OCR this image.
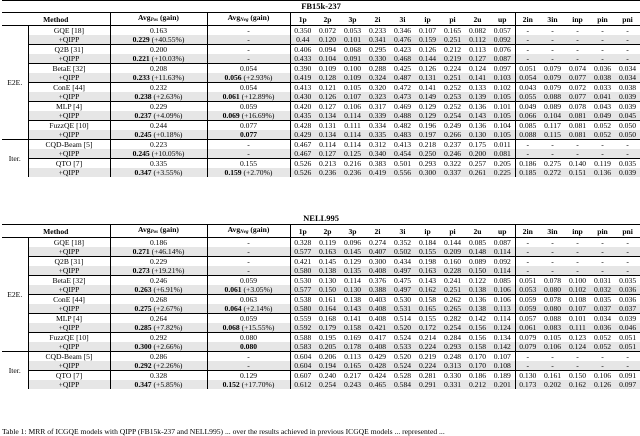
FB15k-237																	
Method		Avg$_{Pos}$ (gain)	Avg$_{Neg}$ (gain)	1p	2p	3p	2i	3i	ip	pi	2u	up	2in	3in	inp	pin	pni
E2E.	GQE [18]	0.163	-	0.350	0.072	0.053	0.233	0.346	0.107	0.165	0.082	0.057	-	-	-	-	-
	+QIPP	0.229 (+40.55%)	-	0.44	0.120	0.101	0.341	0.476	0.159	0.251	0.112	0.092	-	-	-	-	-
	Q2B [31]	0.200	-	0.406	0.094	0.068	0.295	0.423	0.126	0.212	0.113	0.076	-	-	-	-	-
	+QIPP	0.221 (+10.03%)	-	0.433	0.104	0.091	0.330	0.468	0.144	0.219	0.127	0.087	-	-	-	-	-
	BetaE [32]	0.208	0.054	0.390	0.109	0.100	0.288	0.425	0.126	0.224	0.124	0.097	0.051	0.079	0.074	0.036	0.034
	+QIPP	0.233 (+11.63%)	0.056 (+2.93%)	0.419	0.128	0.109	0.324	0.487	0.131	0.251	0.141	0.103	0.054	0.079	0.077	0.038	0.034
	ConE [44]	0.232	0.054	0.413	0.121	0.105	0.320	0.472	0.141	0.252	0.133	0.102	0.043	0.079	0.072	0.033	0.038
	+QIPP	0.238 (+2.63%)	0.061 (+12.89%)	0.430	0.126	0.107	0.323	0.473	0.149	0.253	0.139	0.105	0.055	0.088	0.077	0.041	0.039
	MLP [4]	0.229	0.059	0.420	0.127	0.106	0.317	0.469	0.129	0.252	0.136	0.101	0.049	0.089	0.078	0.043	0.039
	+QIPP	0.237 (+4.09%)	0.069 (+16.69%)	0.435	0.134	0.114	0.339	0.488	0.129	0.254	0.143	0.105	0.066	0.104	0.081	0.049	0.045
	FuzzQE [10]	0.244	0.077	0.428	0.131	0.111	0.334	0.482	0.196	0.249	0.136	0.104	0.085	0.117	0.081	0.052	0.050
	+QIPP	0.245 (+0.18%)	0.077	0.429	0.134	0.114	0.335	0.483	0.197	0.266	0.130	0.105	0.088	0.115	0.081	0.052	0.050
Iter.	CQD-Beam [5]	0.223	-	0.467	0.114	0.114	0.312	0.413	0.218	0.237	0.175	0.011	-	-	-	-	-
	+QIPP	0.245 (+10.05%)	-	0.467	0.127	0.125	0.340	0.454	0.250	0.246	0.200	0.081	-	-	-	-	-
	QTO [7]	0.335	0.155	0.526	0.213	0.216	0.383	0.501	0.293	0.322	0.257	0.205	0.186	0.275	0.140	0.119	0.035
	+QIPP	0.347 (+3.55%)	0.159 (+2.70%)	0.526	0.236	0.236	0.419	0.556	0.300	0.337	0.261	0.225	0.185	0.272	0.151	0.136	0.039
NELL995																	
Method		Avg$_{Pos}$ (gain)	Avg$_{Neg}$ (gain)	1p	2p	3p	2i	3i	ip	pi	2u	up	2in	3in	inp	pin	pni
E2E.	GQE [18]	0.186	-	0.328	0.119	0.096	0.274	0.352	0.184	0.144	0.085	0.087	-	-	-	-	-
	+QIPP	0.271 (+46.14%)	-	0.577	0.163	0.145	0.407	0.502	0.155	0.209	0.148	0.114	-	-	-	-	-
	Q2B [31]	0.229	-	0.421	0.145	0.129	0.300	0.434	0.198	0.160	0.089	0.092	-	-	-	-	-
	+QIPP	0.273 (+19.21%)	-	0.580	0.138	0.135	0.408	0.497	0.163	0.228	0.150	0.114	-	-	-	-	-
	BetaE [32]	0.246	0.059	0.530	0.130	0.114	0.376	0.475	0.143	0.241	0.122	0.085	0.051	0.078	0.100	0.031	0.035
	+QIPP	0.263 (+6.91%)	0.061 (+3.05%)	0.577	0.150	0.130	0.388	0.497	0.162	0.251	0.138	0.106	0.053	0.080	0.102	0.032	0.036
	ConE [44]	0.268	0.063	0.538	0.161	0.138	0.403	0.530	0.158	0.262	0.136	0.106	0.059	0.078	0.108	0.035	0.036
	+QIPP	0.275 (+2.67%)	0.064 (+2.14%)	0.580	0.164	0.143	0.408	0.531	0.165	0.265	0.138	0.113	0.059	0.080	0.107	0.037	0.037
	MLP [4]	0.264	0.059	0.559	0.168	0.141	0.408	0.514	0.155	0.282	0.142	0.114	0.057	0.088	0.101	0.034	0.039
	+QIPP	0.285 (+7.82%)	0.068 (+15.55%)	0.592	0.179	0.158	0.421	0.520	0.172	0.254	0.156	0.124	0.061	0.083	0.111	0.036	0.046
	FuzzQE [10]	0.292	0.080	0.588	0.195	0.169	0.417	0.524	0.214	0.284	0.156	0.134	0.079	0.105	0.123	0.052	0.051
	+QIPP	0.300 (+2.66%)	0.080	0.583	0.205	0.178	0.408	0.533	0.224	0.293	0.158	0.142	0.079	0.106	0.124	0.052	0.051
Iter.	CQD-Beam [5]	0.286	-	0.604	0.206	0.113	0.429	0.520	0.219	0.248	0.170	0.107	-	-	-	-	-
	+QIPP	0.292 (+2.26%)	-	0.604	0.194	0.165	0.428	0.524	0.224	0.313	0.170	0.108	-	-	-	-	-
	QTO [7]	0.328	0.129	0.607	0.240	0.217	0.424	0.528	0.281	0.330	0.186	0.189	0.130	0.161	0.150	0.106	0.091
	+QIPP	0.347 (+5.85%)	0.152 (+17.70%)	0.612	0.254	0.243	0.465	0.584	0.291	0.331	0.212	0.201	0.173	0.202	0.162	0.126	0.097
Table 1: MRR of ICGQE models with QIPP (FB15k-237 and NELL995) ... over the results achieved in previous ICGQE models ... represented ...
